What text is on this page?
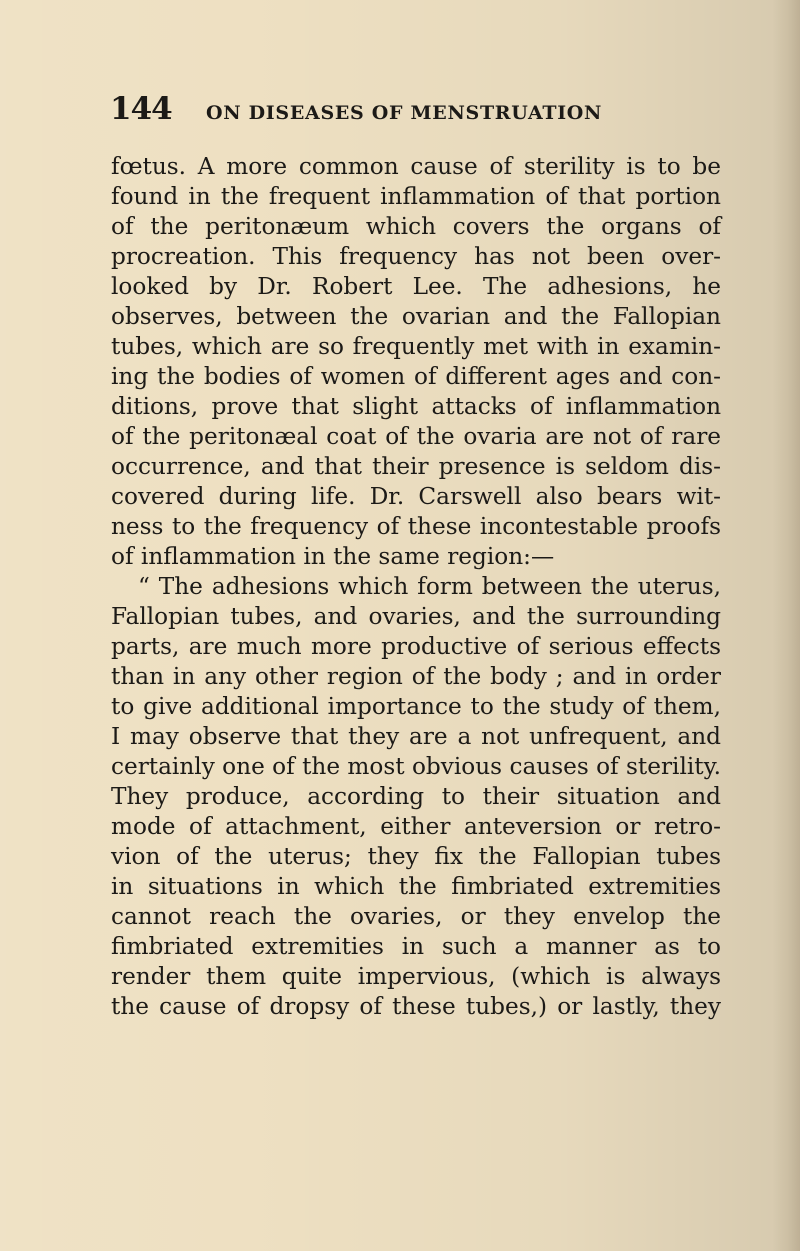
144 ON DISEASES OF MENSTRUATION
fœtus. A more common cause of sterility is to be
found in the frequent inflammation of that portion
of the peritonæum which covers the organs of
procreation. This frequency has not been over-
looked by Dr. Robert Lee. The adhesions, he
observes, between the ovarian and the Fallopian
tubes, which are so frequently met with in examin-
ing the bodies of women of different ages and con-
ditions, prove that slight attacks of inflammation
of the peritonæal coat of the ovaria are not of rare
occurrence, and that their presence is seldom dis-
covered during life. Dr. Carswell also bears wit-
ness to the frequency of these incontestable proofs
of inflammation in the same region:—
“ The adhesions which form between the uterus,
Fallopian tubes, and ovaries, and the surrounding
parts, are much more productive of serious effects
than in any other region of the body ; and in order
to give additional importance to the study of them,
I may observe that they are a not unfrequent, and
certainly one of the most obvious causes of sterility.
They produce, according to their situation and
mode of attachment, either anteversion or retro-
vion of the uterus; they fix the Fallopian tubes
in situations in which the fimbriated extremities
cannot reach the ovaries, or they envelop the
fimbriated extremities in such a manner as to
render them quite impervious, (which is always
the cause of dropsy of these tubes,) or lastly, they
